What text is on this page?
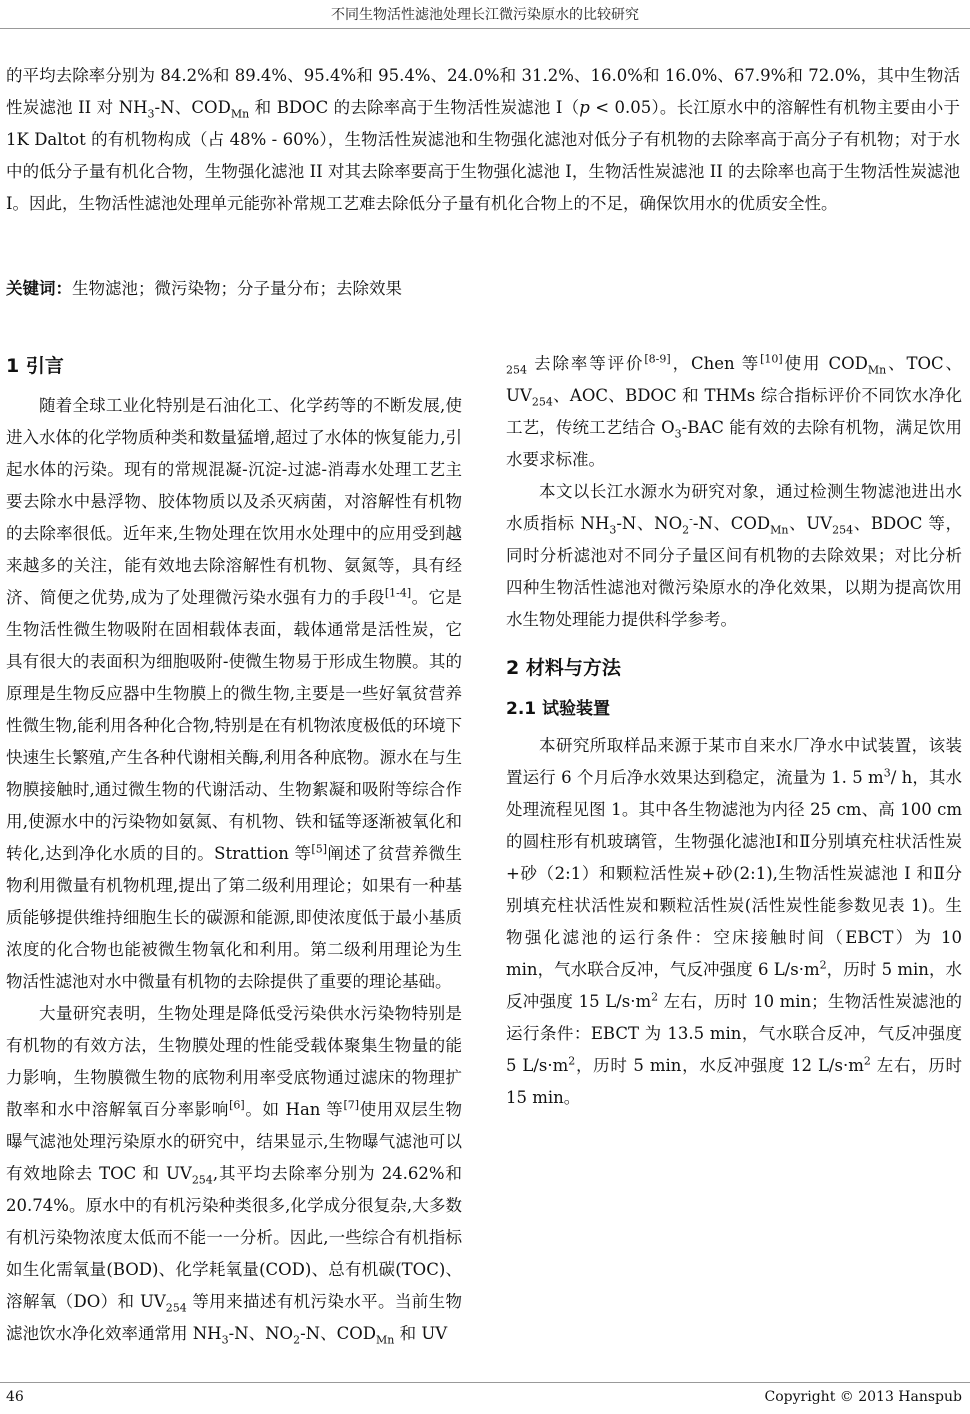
不同生物活性滤池处理长江微污染原水的比较研究

的平均去除率分别为 84.2%和 89.4%、95.4%和 95.4%、24.0%和 31.2%、16.0%和 16.0%、67.9%和 72.0%，其中生物活性炭滤池 II 对 $NH_3-N$、$COD_{Mn}$ 和 BDOC 的去除率高于生物活性炭滤池 I（p < 0.05）。长江原水中的溶解性有机物主要由小于 1K Daltot 的有机物构成（占 48% - 60%），生物活性炭滤池和生物强化滤池对低分子有机物的去除率高于高分子有机物；对于水中的低分子量有机化合物，生物强化滤池 II 对其去除率要高于生物强化滤池 I，生物活性炭滤池 II 的去除率也高于生物活性炭滤池 I。因此，生物活性滤池处理单元能弥补常规工艺难去除低分子量有机化合物上的不足，确保饮用水的优质安全性。

关键词：生物滤池；微污染物；分子量分布；去除效果
1 引言

随着全球工业化特别是石油化工、化学药等的不断发展,使进入水体的化学物质种类和数量猛增,超过了水体的恢复能力,引起水体的污染。现有的常规混凝-沉淀-过滤-消毒水处理工艺主要去除水中悬浮物、胶体物质以及杀灭病菌，对溶解性有机物的去除率很低。近年来,生物处理在饮用水处理中的应用受到越来越多的关注，能有效地去除溶解性有机物、氨氮等，具有经济、简便之优势,成为了处理微污染水强有力的手段[1-4]。它是生物活性微生物吸附在固相载体表面，载体通常是活性炭，它具有很大的表面积为细胞吸附-使微生物易于形成生物膜。其的原理是生物反应器中生物膜上的微生物,主要是一些好氧贫营养性微生物,能利用各种化合物,特别是在有机物浓度极低的环境下快速生长繁殖,产生各种代谢相关酶,利用各种底物。源水在与生物膜接触时,通过微生物的代谢活动、生物絮凝和吸附等综合作用,使源水中的污染物如氨氮、有机物、铁和锰等逐渐被氧化和转化,达到净化水质的目的。Strattion 等[5]阐述了贫营养微生物利用微量有机物机理,提出了第二级利用理论；如果有一种基质能够提供维持细胞生长的碳源和能源,即使浓度低于最小基质浓度的化合物也能被微生物氧化和利用。第二级利用理论为生物活性滤池对水中微量有机物的去除提供了重要的理论基础。

大量研究表明，生物处理是降低受污染供水污染物特别是有机物的有效方法，生物膜处理的性能受载体聚集生物量的能力影响，生物膜微生物的底物利用率受底物通过滤床的物理扩散率和水中溶解氧百分率影响[6]。如 Han 等[7]使用双层生物曝气滤池处理污染原水的研究中，结果显示,生物曝气滤池可以有效地除去 TOC 和 $UV_{254}$,其平均去除率分别为 24.62%和 20.74%。原水中的有机污染种类很多,化学成分很复杂,大多数有机污染物浓度太低而不能一一分析。因此,一些综合有机指标如生化需氧量(BOD)、化学耗氧量(COD)、总有机碳(TOC)、溶解氧（DO）和 $UV_{254}$ 等用来描述有机污染水平。当前生物滤池饮水净化效率通常用 $NH_3-N$、$NO_2-N$、$COD_{Mn}$ 和 UV

$_{254}$ 去除率等评价[8-9]，Chen 等[10]使用 $COD_{Mn}$、TOC、$UV_{254}$、AOC、BDOC 和 THMs 综合指标评价不同饮水净化工艺，传统工艺结合 $O_3$-BAC 能有效的去除有机物，满足饮用水要求标准。

本文以长江水源水为研究对象，通过检测生物滤池进出水水质指标 $NH_3-N$、$NO_2^--N$、$COD_{Mn}$、$UV_{254}$、BDOC 等，同时分析滤池对不同分子量区间有机物的去除效果；对比分析四种生物活性滤池对微污染原水的净化效果，以期为提高饮用水生物处理能力提供科学参考。

2 材料与方法
2.1 试验装置

本研究所取样品来源于某市自来水厂净水中试装置，该装置运行 6 个月后净水效果达到稳定，流量为 1. 5 $m^3/$ h，其水处理流程见图 1。其中各生物滤池为内径 25 cm、高 100 cm 的圆柱形有机玻璃管，生物强化滤池Ⅰ和Ⅱ分别填充柱状活性炭+砂（2:1）和颗粒活性炭+砂(2:1),生物活性炭滤池 I 和Ⅱ分别填充柱状活性炭和颗粒活性炭(活性炭性能参数见表 1)。生物强化滤池的运行条件：空床接触时间（EBCT）为 10 min，气水联合反冲，气反冲强度 6 $L/s\cdot m^2$，历时 5 min，水反冲强度 15 $L/s\cdot m^2$ 左右，历时 10 min；生物活性炭滤池的运行条件：EBCT 为 13.5 min，气水联合反冲，气反冲强度 5 $L/s\cdot m^2$，历时 5 min，水反冲强度 12 $L/s\cdot m^2$ 左右，历时 15 min。

46	Copyright © 2013 Hanspub
